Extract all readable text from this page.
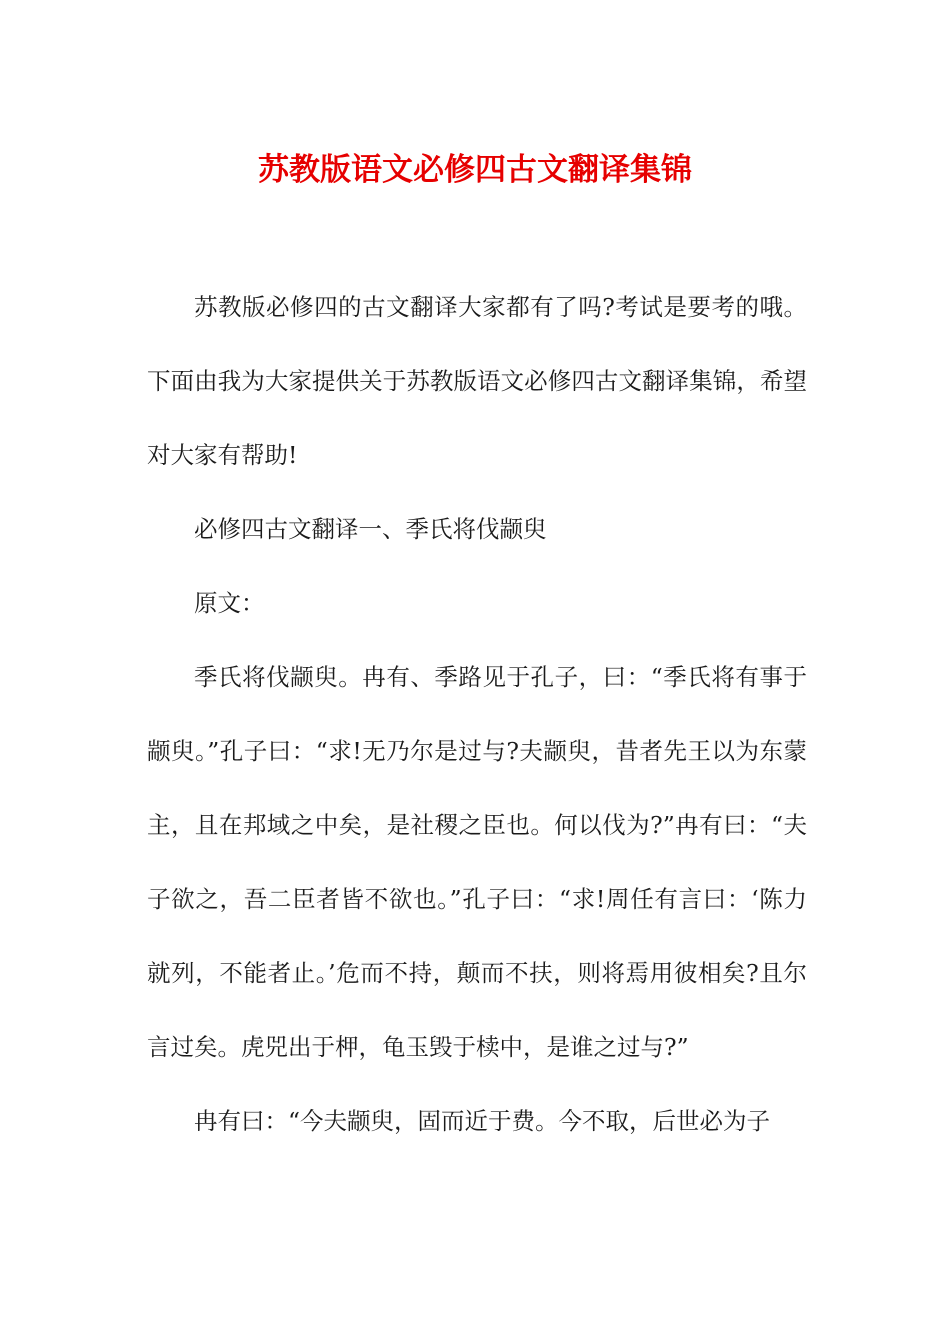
苏教版语文必修四古文翻译集锦

苏教版必修四的古文翻译大家都有了吗?考试是要考的哦。下面由我为大家提供关于苏教版语文必修四古文翻译集锦，希望对大家有帮助!

必修四古文翻译一、季氏将伐颛臾

原文：

季氏将伐颛臾。冉有、季路见于孔子，曰：“季氏将有事于颛臾。”孔子曰：“求!无乃尔是过与?夫颛臾，昔者先王以为东蒙主，且在邦域之中矣，是社稷之臣也。何以伐为?”冉有曰：“夫子欲之，吾二臣者皆不欲也。”孔子曰：“求!周任有言曰：‘陈力就列，不能者止。’危而不持，颠而不扶，则将焉用彼相矣?且尔言过矣。虎兕出于柙，龟玉毁于椟中，是谁之过与?”

冉有曰：“今夫颛臾，固而近于费。今不取，后世必为子
